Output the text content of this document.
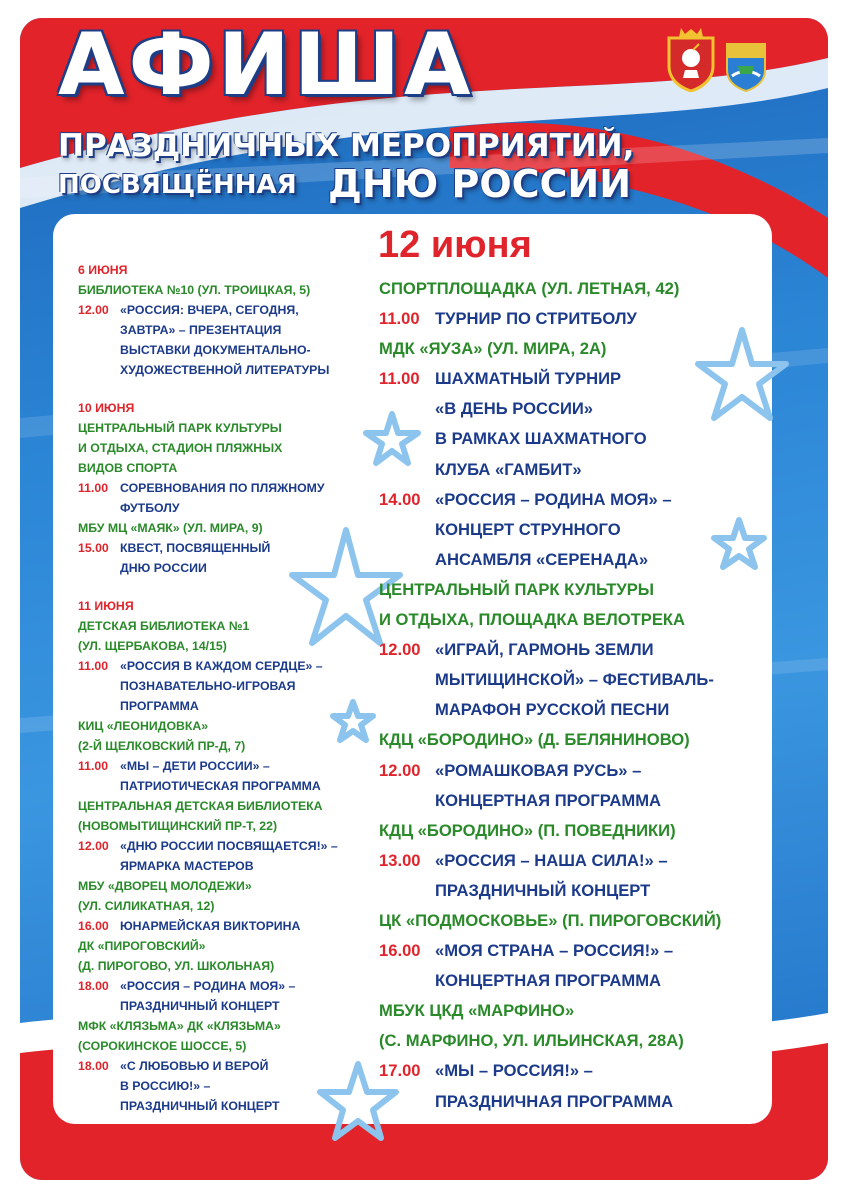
АФИША
ПРАЗДНИЧНЫХ МЕРОПРИЯТИЙ,
ПОСВЯЩЁННАЯ ДНЮ РОССИИ
12 июня
6 ИЮНЯ
БИБЛИОТЕКА №10 (УЛ. ТРОИЦКАЯ, 5)
12.00 «РОССИЯ: ВЧЕРА, СЕГОДНЯ,
ЗАВТРА» – ПРЕЗЕНТАЦИЯ
ВЫСТАВКИ ДОКУМЕНТАЛЬНО-
ХУДОЖЕСТВЕННОЙ ЛИТЕРАТУРЫ
10 ИЮНЯ
ЦЕНТРАЛЬНЫЙ ПАРК КУЛЬТУРЫ
И ОТДЫХА, СТАДИОН ПЛЯЖНЫХ
ВИДОВ СПОРТА
11.00 СОРЕВНОВАНИЯ ПО ПЛЯЖНОМУ
ФУТБОЛУ
МБУ МЦ «МАЯК» (УЛ. МИРА, 9)
15.00 КВЕСТ, ПОСВЯЩЕННЫЙ
ДНЮ РОССИИ
11 ИЮНЯ
ДЕТСКАЯ БИБЛИОТЕКА №1
(УЛ. ЩЕРБАКОВА, 14/15)
11.00 «РОССИЯ В КАЖДОМ СЕРДЦЕ» –
ПОЗНАВАТЕЛЬНО-ИГРОВАЯ
ПРОГРАММА
КИЦ «ЛЕОНИДОВКА»
(2-Й ЩЕЛКОВСКИЙ ПР-Д, 7)
11.00 «МЫ – ДЕТИ РОССИИ» –
ПАТРИОТИЧЕСКАЯ ПРОГРАММА
ЦЕНТРАЛЬНАЯ ДЕТСКАЯ БИБЛИОТЕКА
(НОВОМЫТИЩИНСКИЙ ПР-Т, 22)
12.00 «ДНЮ РОССИИ ПОСВЯЩАЕТСЯ!» –
ЯРМАРКА МАСТЕРОВ
МБУ «ДВОРЕЦ МОЛОДЕЖИ»
(УЛ. СИЛИКАТНАЯ, 12)
16.00 ЮНАРМЕЙСКАЯ ВИКТОРИНА
ДК «ПИРОГОВСКИЙ»
(Д. ПИРОГОВО, УЛ. ШКОЛЬНАЯ)
18.00 «РОССИЯ – РОДИНА МОЯ» –
ПРАЗДНИЧНЫЙ КОНЦЕРТ
МФК «КЛЯЗЬМА» ДК «КЛЯЗЬМА»
(СОРОКИНСКОЕ ШОССЕ, 5)
18.00 «С ЛЮБОВЬЮ И ВЕРОЙ
В РОССИЮ!» –
ПРАЗДНИЧНЫЙ КОНЦЕРТ
СПОРТПЛОЩАДКА (УЛ. ЛЕТНАЯ, 42)
11.00 ТУРНИР ПО СТРИТБОЛУ
МДК «ЯУЗА» (УЛ. МИРА, 2А)
11.00 ШАХМАТНЫЙ ТУРНИР
«В ДЕНЬ РОССИИ»
В РАМКАХ ШАХМАТНОГО
КЛУБА «ГАМБИТ»
14.00 «РОССИЯ – РОДИНА МОЯ» –
КОНЦЕРТ СТРУННОГО
АНСАМБЛЯ «СЕРЕНАДА»
ЦЕНТРАЛЬНЫЙ ПАРК КУЛЬТУРЫ
И ОТДЫХА, ПЛОЩАДКА ВЕЛОТРЕКА
12.00 «ИГРАЙ, ГАРМОНЬ ЗЕМЛИ
МЫТИЩИНСКОЙ» – ФЕСТИВАЛЬ-
МАРАФОН РУССКОЙ ПЕСНИ
КДЦ «БОРОДИНО» (Д. БЕЛЯНИНОВО)
12.00 «РОМАШКОВАЯ РУСЬ» –
КОНЦЕРТНАЯ ПРОГРАММА
КДЦ «БОРОДИНО» (П. ПОВЕДНИКИ)
13.00 «РОССИЯ – НАША СИЛА!» –
ПРАЗДНИЧНЫЙ КОНЦЕРТ
ЦК «ПОДМОСКОВЬЕ» (П. ПИРОГОВСКИЙ)
16.00 «МОЯ СТРАНА – РОССИЯ!» –
КОНЦЕРТНАЯ ПРОГРАММА
МБУК ЦКД «МАРФИНО»
(С. МАРФИНО, УЛ. ИЛЬИНСКАЯ, 28А)
17.00 «МЫ – РОССИЯ!» –
ПРАЗДНИЧНАЯ ПРОГРАММА
